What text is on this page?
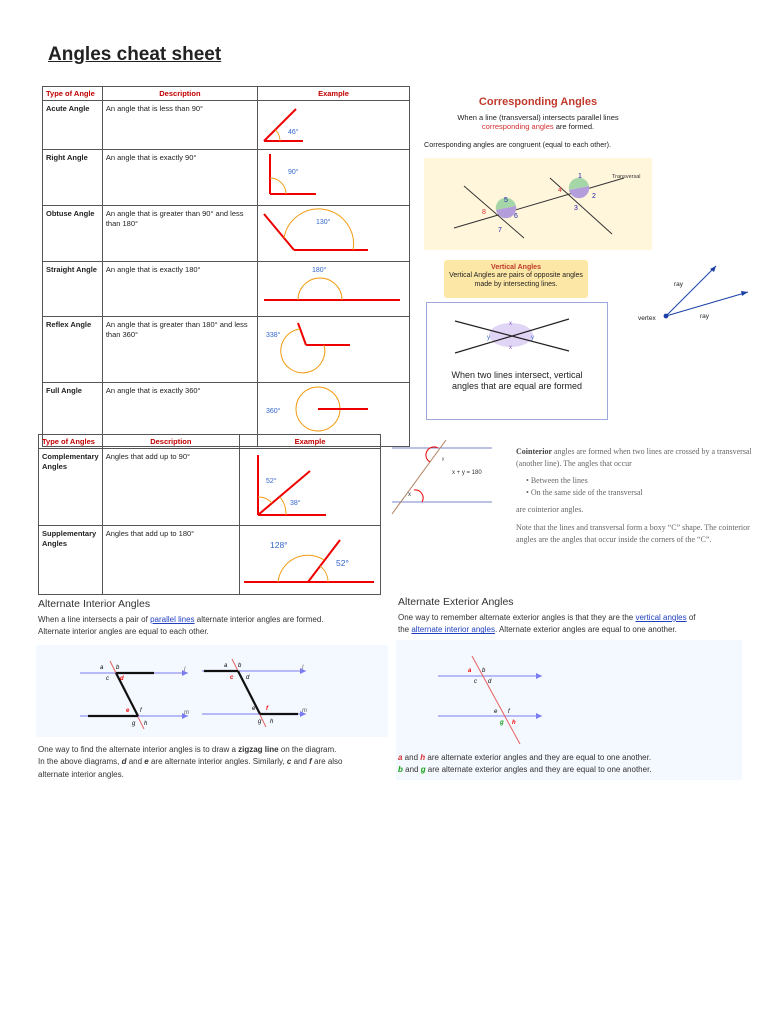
Angles cheat sheet
Type of Angle	Description	Example
Acute Angle	An angle that is less than 90°	46°

Right Angle	An angle that is exactly 90°	90°

Obtuse Angle	An angle that is greater than 90° and less than 180°	130°

Straight Angle	An angle that is exactly 180°	180°

Reflex Angle	An angle that is greater than 180° and less than 360°	338°

Full Angle	An angle that is exactly 360°	360°
Corresponding Angles
When a line (transversal) intersects parallel lines
corresponding angles are formed.
Corresponding angles are congruent (equal to each other).
5
6
7
8
1
2
3
4
Transversal
Vertical Angles
Vertical Angles are pairs of opposite angles made by intersecting lines.
x
y	y
x
When two lines intersect, vertical angles that are equal are formed
ray
ray
vertex
Type of Angles	Description	Example
Complementary Angles	Angles that add up to 90°	52°
38°

Supplementary Angles	Angles that add up to 180°	128°
52°
y
x
x + y = 180
Cointerior angles are formed when two lines are crossed by a transversal (another line). The angles that occur
• Between the lines
• On the same side of the transversal
are cointerior angles.
Note that the lines and transversal form a boxy “C” shape. The cointerior angles are the angles that occur inside the corners of the “C”.
Alternate Interior Angles
When a line intersects a pair of parallel lines alternate interior angles are formed.
Alternate interior angles are equal to each other.
a b
c d
e f
g h
l
m
a b
c d
e f
g h
l
m
One way to find the alternate interior angles is to draw a zigzag line on the diagram.
In the above diagrams, d and e are alternate interior angles. Similarly, c and f are also
alternate interior angles.
Alternate Exterior Angles
One way to remember alternate exterior angles is that they are the vertical angles of
the alternate interior angles. Alternate exterior angles are equal to one another.
a b
c d
e f
g h
a and h are alternate exterior angles and they are equal to one another.
b and g are alternate exterior angles and they are equal to one another.
